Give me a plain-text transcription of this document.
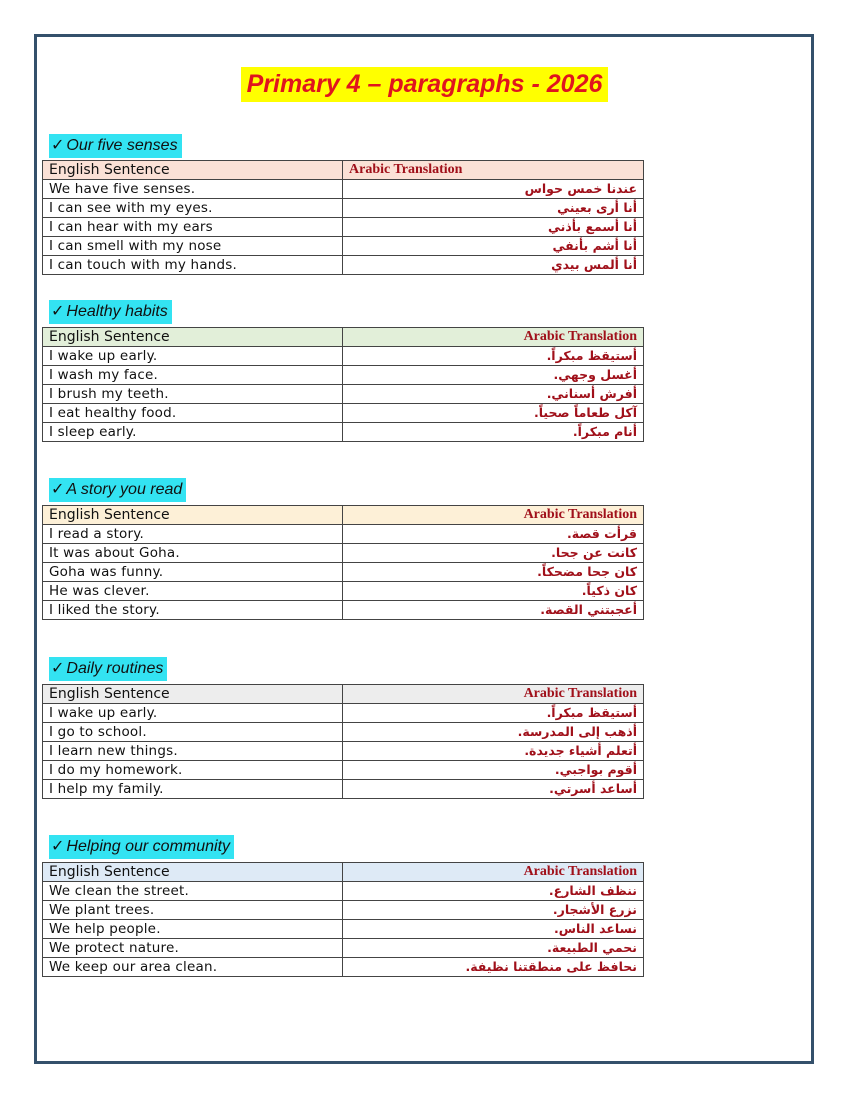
Primary 4 – paragraphs - 2026
✓ Our five senses
English Sentence	Arabic Translation
We have five senses.	عندنا خمس حواس
I can see with my eyes.	أنا أرى بعيني
I can hear with my ears	أنا أسمع بأذني
I can smell with my nose	أنا أشم بأنفي
I can touch with my hands.	أنا ألمس بيدي
✓ Healthy habits
English Sentence	Arabic Translation
I wake up early.	أستيقظ مبكراً.
I wash my face.	أغسل وجهي.
I brush my teeth.	أفرش أسناني.
I eat healthy food.	آكل طعاماً صحياً.
I sleep early.	أنام مبكراً.
✓ A story you read
English Sentence	Arabic Translation
I read a story.	قرأت قصة.
It was about Goha.	كانت عن جحا.
Goha was funny.	كان جحا مضحكاً.
He was clever.	كان ذكياً.
I liked the story.	أعجبتني القصة.
✓ Daily routines
English Sentence	Arabic Translation
I wake up early.	أستيقظ مبكراً.
I go to school.	أذهب إلى المدرسة.
I learn new things.	أتعلم أشياء جديدة.
I do my homework.	أقوم بواجبي.
I help my family.	أساعد أسرتي.
✓ Helping our community
English Sentence	Arabic Translation
We clean the street.	ننظف الشارع.
We plant trees.	نزرع الأشجار.
We help people.	نساعد الناس.
We protect nature.	نحمي الطبيعة.
We keep our area clean.	نحافظ على منطقتنا نظيفة.
